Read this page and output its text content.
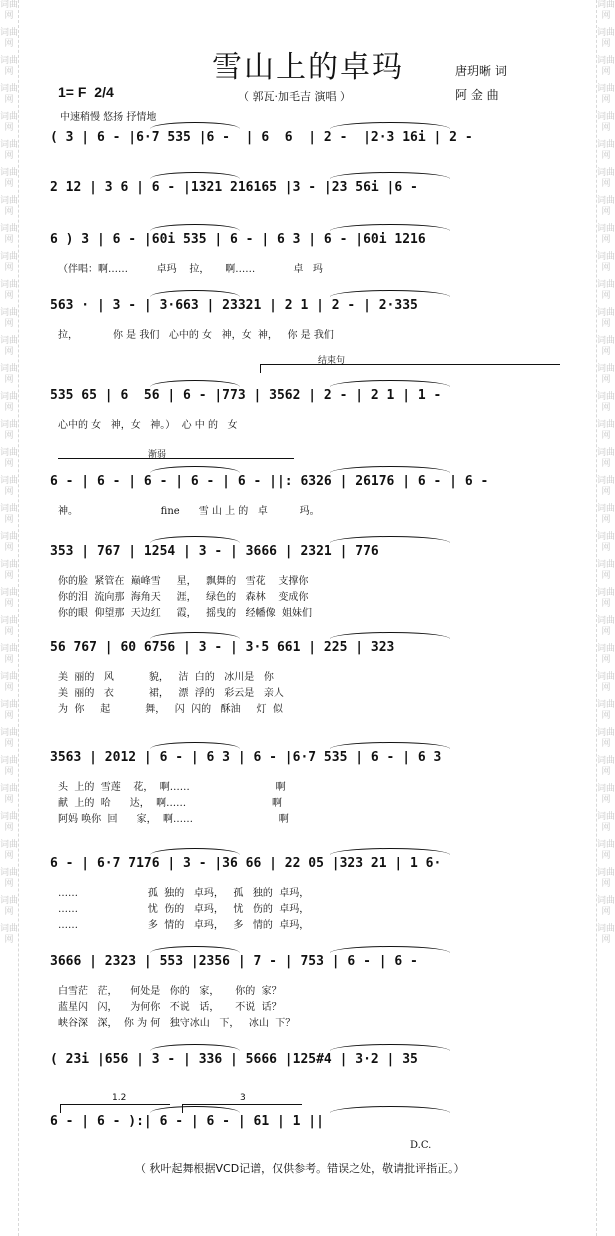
词曲网
词曲网
词曲网
词曲网
词曲网
词曲网
词曲网
词曲网
词曲网
词曲网
词曲网
词曲网
词曲网
词曲网
词曲网
词曲网
词曲网
词曲网
词曲网
词曲网
词曲网
词曲网
词曲网
词曲网
词曲网
词曲网
词曲网
词曲网
词曲网
词曲网
词曲网
词曲网
词曲网
词曲网
词曲网
词曲网
词曲网
词曲网
词曲网
词曲网
词曲网
词曲网
词曲网
词曲网
词曲网
词曲网
词曲网
词曲网
词曲网
词曲网
词曲网
词曲网
词曲网
词曲网
词曲网
词曲网
词曲网
词曲网
词曲网
词曲网
词曲网
词曲网
词曲网
词曲网
词曲网
词曲网
词曲网
词曲网
雪山上的卓玛	唐玥晰 词
阿 金 曲
1= F 2/4	（ 郭瓦·加毛吉 演唱 ）
中速稍慢 悠扬 抒情地
( 3 | 6 - |6·7 535 |6 -  | 6  6  | 2 -  |2·3 16i | 2 -
2 12 | 3 6 | 6 - |1321 216165 |3 - |23 56i |6 -
6 ) 3 | 6 - |60i 535 | 6 - | 6 3 | 6 - |60i 1216
（伴唱：啊……         卓玛    拉，     啊……            卓   玛
563 · | 3 - | 3·663 | 23321 | 2 1 | 2 - | 2·335
拉，           你 是 我们   心中的 女   神，女  神，   你 是 我们
535 65 | 6  56 | 6 - |773 | 3562 | 2 - | 2 1 | 1 -
心中的 女   神，女   神。）  心 中 的   女
6 - | 6 - | 6 - | 6 - | 6 - ||: 6326 | 26176 | 6 - | 6 -
神。                          fine      雪 山 上 的   卓          玛。
353 | 767 | 1254 | 3 - | 3666 | 2321 | 776
你的脸  紧管在  巅峰雪     星，   飘舞的   雪花    支撑你
你的泪  流向那  海角天     涯，   绿色的   森林    变成你
你的眼  仰望那  天边红     霞，   摇曳的   经幡像  姐妹们
56 767 | 60 6756 | 3 - | 3·5 661 | 225 | 323
美  丽的   风           貌，   洁  白的   冰川是   你
美  丽的   衣           裙，   漂  浮的   彩云是   亲人
为  你     起           舞，   闪  闪的   酥油     灯  似
3563 | 2012 | 6 - | 6 3 | 6 - |6·7 535 | 6 - | 6 3
头  上的  雪莲    花，  啊……                           啊
献  上的  哈      达，  啊……                           啊
阿妈 唤你  回      家，  啊……                           啊
6 - | 6·7 7176 | 3 - |36 66 | 22 05 |323 21 | 1 6·
……                      孤  独的   卓玛，   孤   独的  卓玛，
……                      忧  伤的   卓玛，   忧   伤的  卓玛，
……                      多  情的   卓玛，   多   情的  卓玛，
3666 | 2323 | 553 |2356 | 7 - | 753 | 6 - | 6 -
白雪茫   茫，    何处是   你的   家，     你的  家？
蓝星闪   闪，    为何你   不说   话，     不说  话？
峡谷深   深，  你 为 何   独守冰山   下，   冰山  下？
( 23i |656 | 3 - | 336 | 5666 |125#4 | 3·2 | 35
6 - | 6 - ):| 6 - | 6 - | 61 | 1 ||
结束句
渐弱
1.2	3
D.C.
（ 秋叶起舞根据VCD记谱，仅供参考。错误之处，敬请批评指正。）
